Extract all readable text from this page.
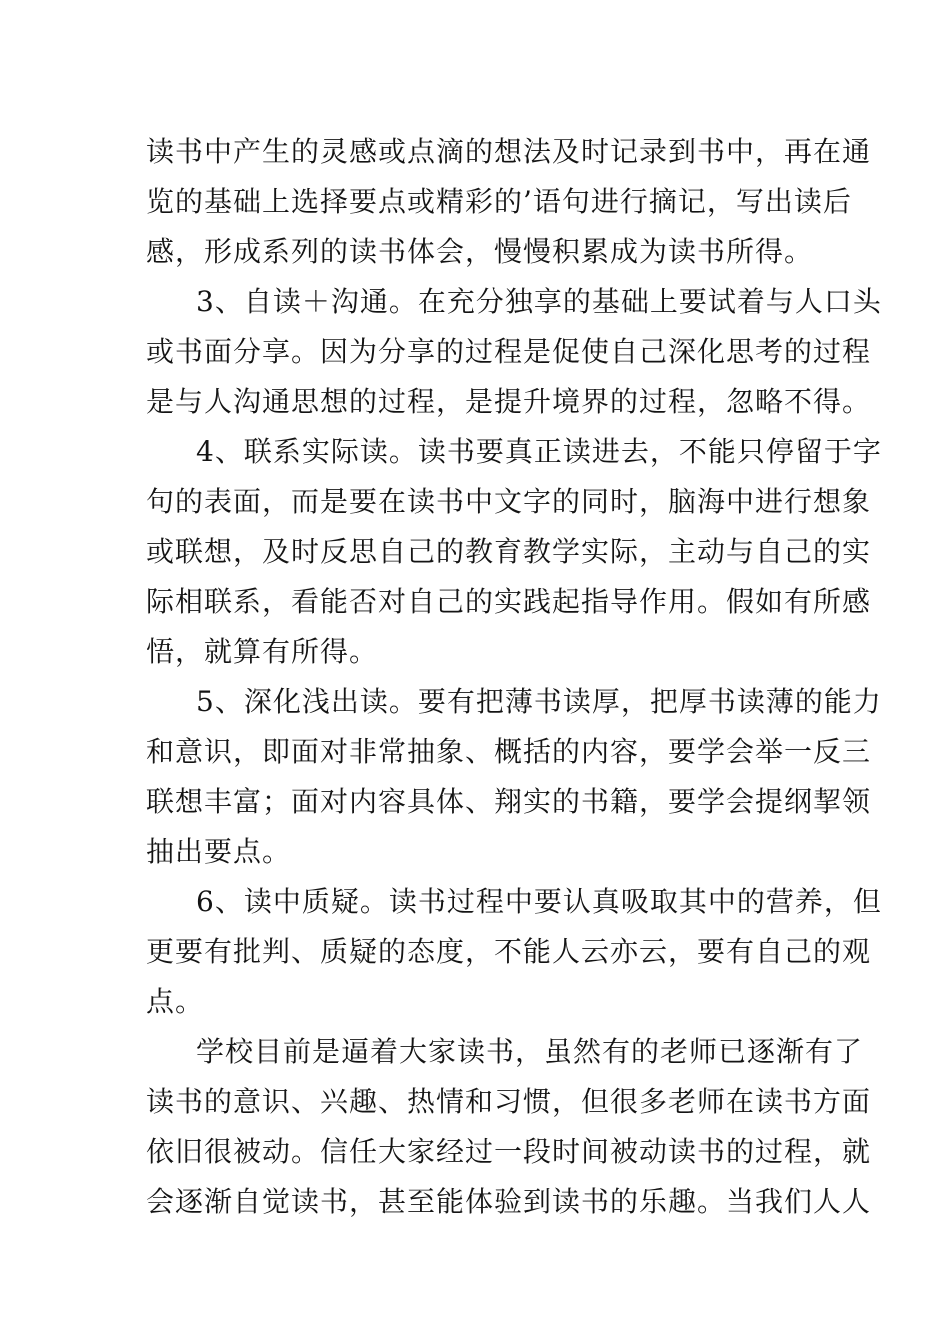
读书中产生的灵感或点滴的想法及时记录到书中，再在通
览的基础上选择要点或精彩的’语句进行摘记，写出读后
感，形成系列的读书体会，慢慢积累成为读书所得。
3、自读＋沟通。在充分独享的基础上要试着与人口头
或书面分享。因为分享的过程是促使自己深化思考的过程
是与人沟通思想的过程，是提升境界的过程，忽略不得。
4、联系实际读。读书要真正读进去，不能只停留于字
句的表面，而是要在读书中文字的同时，脑海中进行想象
或联想，及时反思自己的教育教学实际，主动与自己的实
际相联系，看能否对自己的实践起指导作用。假如有所感
悟，就算有所得。
5、深化浅出读。要有把薄书读厚，把厚书读薄的能力
和意识，即面对非常抽象、概括的内容，要学会举一反三
联想丰富；面对内容具体、翔实的书籍，要学会提纲挈领
抽出要点。
6、读中质疑。读书过程中要认真吸取其中的营养，但
更要有批判、质疑的态度，不能人云亦云，要有自己的观
点。
学校目前是逼着大家读书，虽然有的老师已逐渐有了
读书的意识、兴趣、热情和习惯，但很多老师在读书方面
依旧很被动。信任大家经过一段时间被动读书的过程，就
会逐渐自觉读书，甚至能体验到读书的乐趣。当我们人人
